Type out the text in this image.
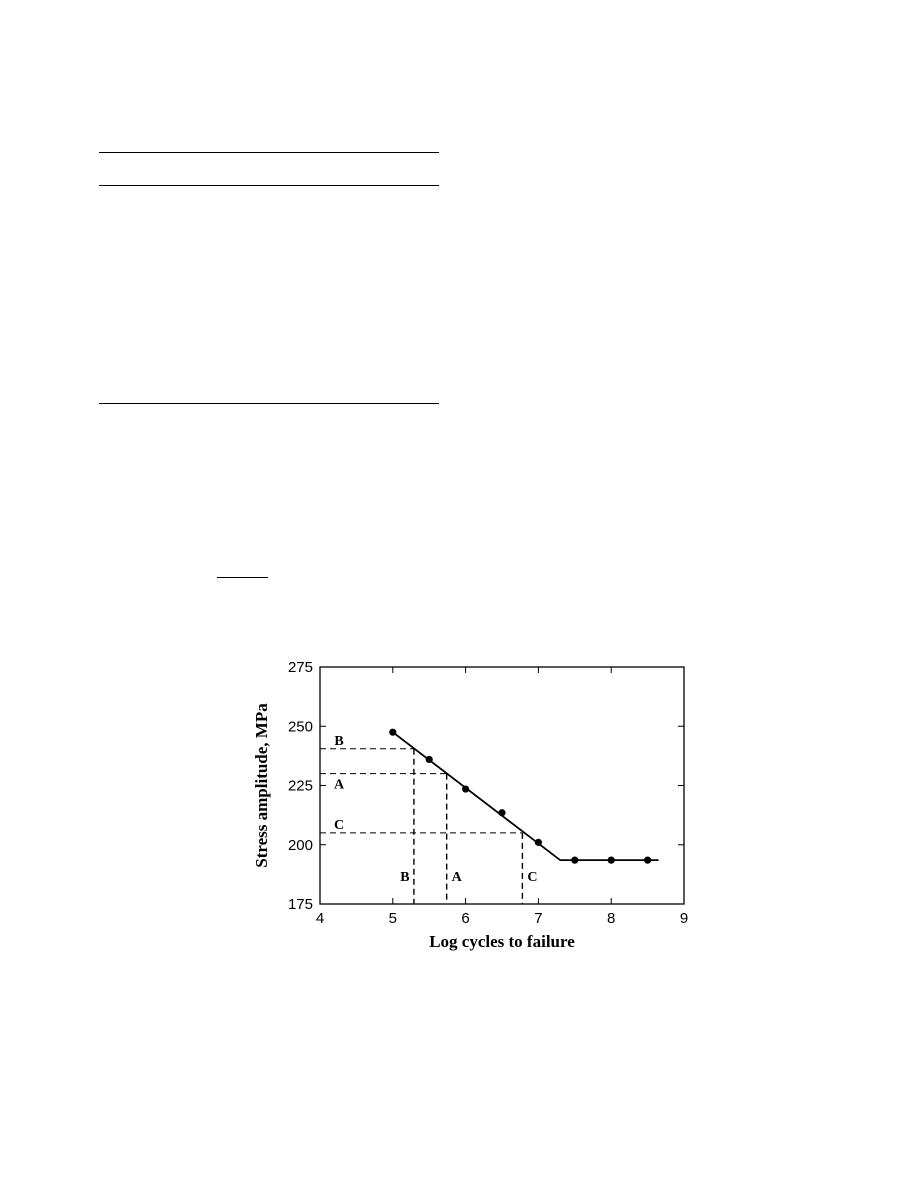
4	5	6	7	8	9
175
200
225
250
275
B
B
A
A
C
C
Log cycles to failure
Stress amplitude, MPa
